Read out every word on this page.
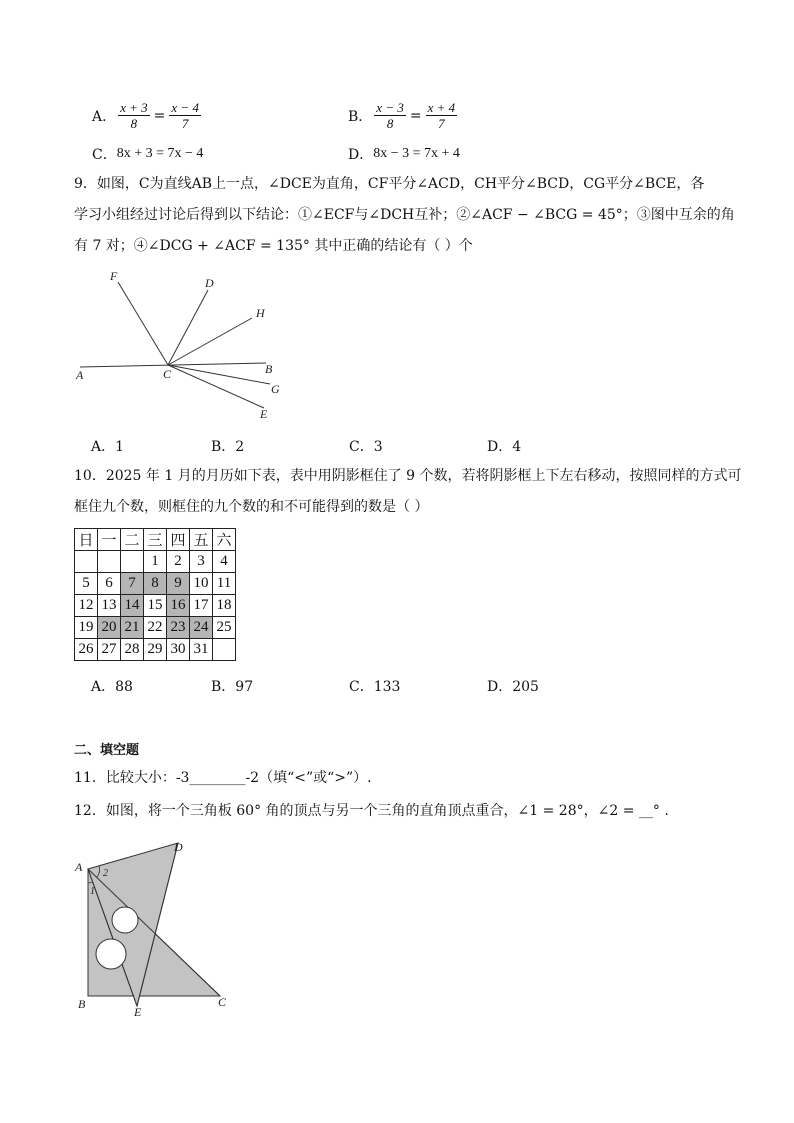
A． $\frac{x + 3}{8} = \frac{x - 4}{7}$	B． $\frac{x - 3}{8} = \frac{x + 4}{7}$
C． 8x + 3 = 7x − 4	D． 8x − 3 = 7x + 4
9．如图，C为直线AB上一点，∠DCE为直角，CF平分∠ACD，CH平分∠BCD，CG平分∠BCE，各
学习小组经过讨论后得到以下结论：①∠ECF与∠DCH互补；②∠ACF − ∠BCG = 45°；③图中互余的角
有 7 对；④∠DCG + ∠ACF = 135° 其中正确的结论有（ ）个
F	D
H
A	C	B
G
E
A．1	B．2	C．3	D．4
10．2025 年 1 月的月历如下表，表中用阴影框住了 9 个数，若将阴影框上下左右移动，按照同样的方式可
框住九个数，则框住的九个数的和不可能得到的数是（ ）
日	一	二	三	四	五	六
			1	2	3	4
5	6	7	8	9	10	11
12	13	14	15	16	17	18
19	20	21	22	23	24	25
26	27	28	29	30	31	
A．88	B．97	C．133	D．205
二、填空题
11．比较大小：-3________-2（填“<”或“>”）.
12．如图，将一个三角板 60° 角的顶点与另一个三角的直角顶点重合，∠1 = 28°，∠2 = __° .
A
D
B
E
C
1
2
